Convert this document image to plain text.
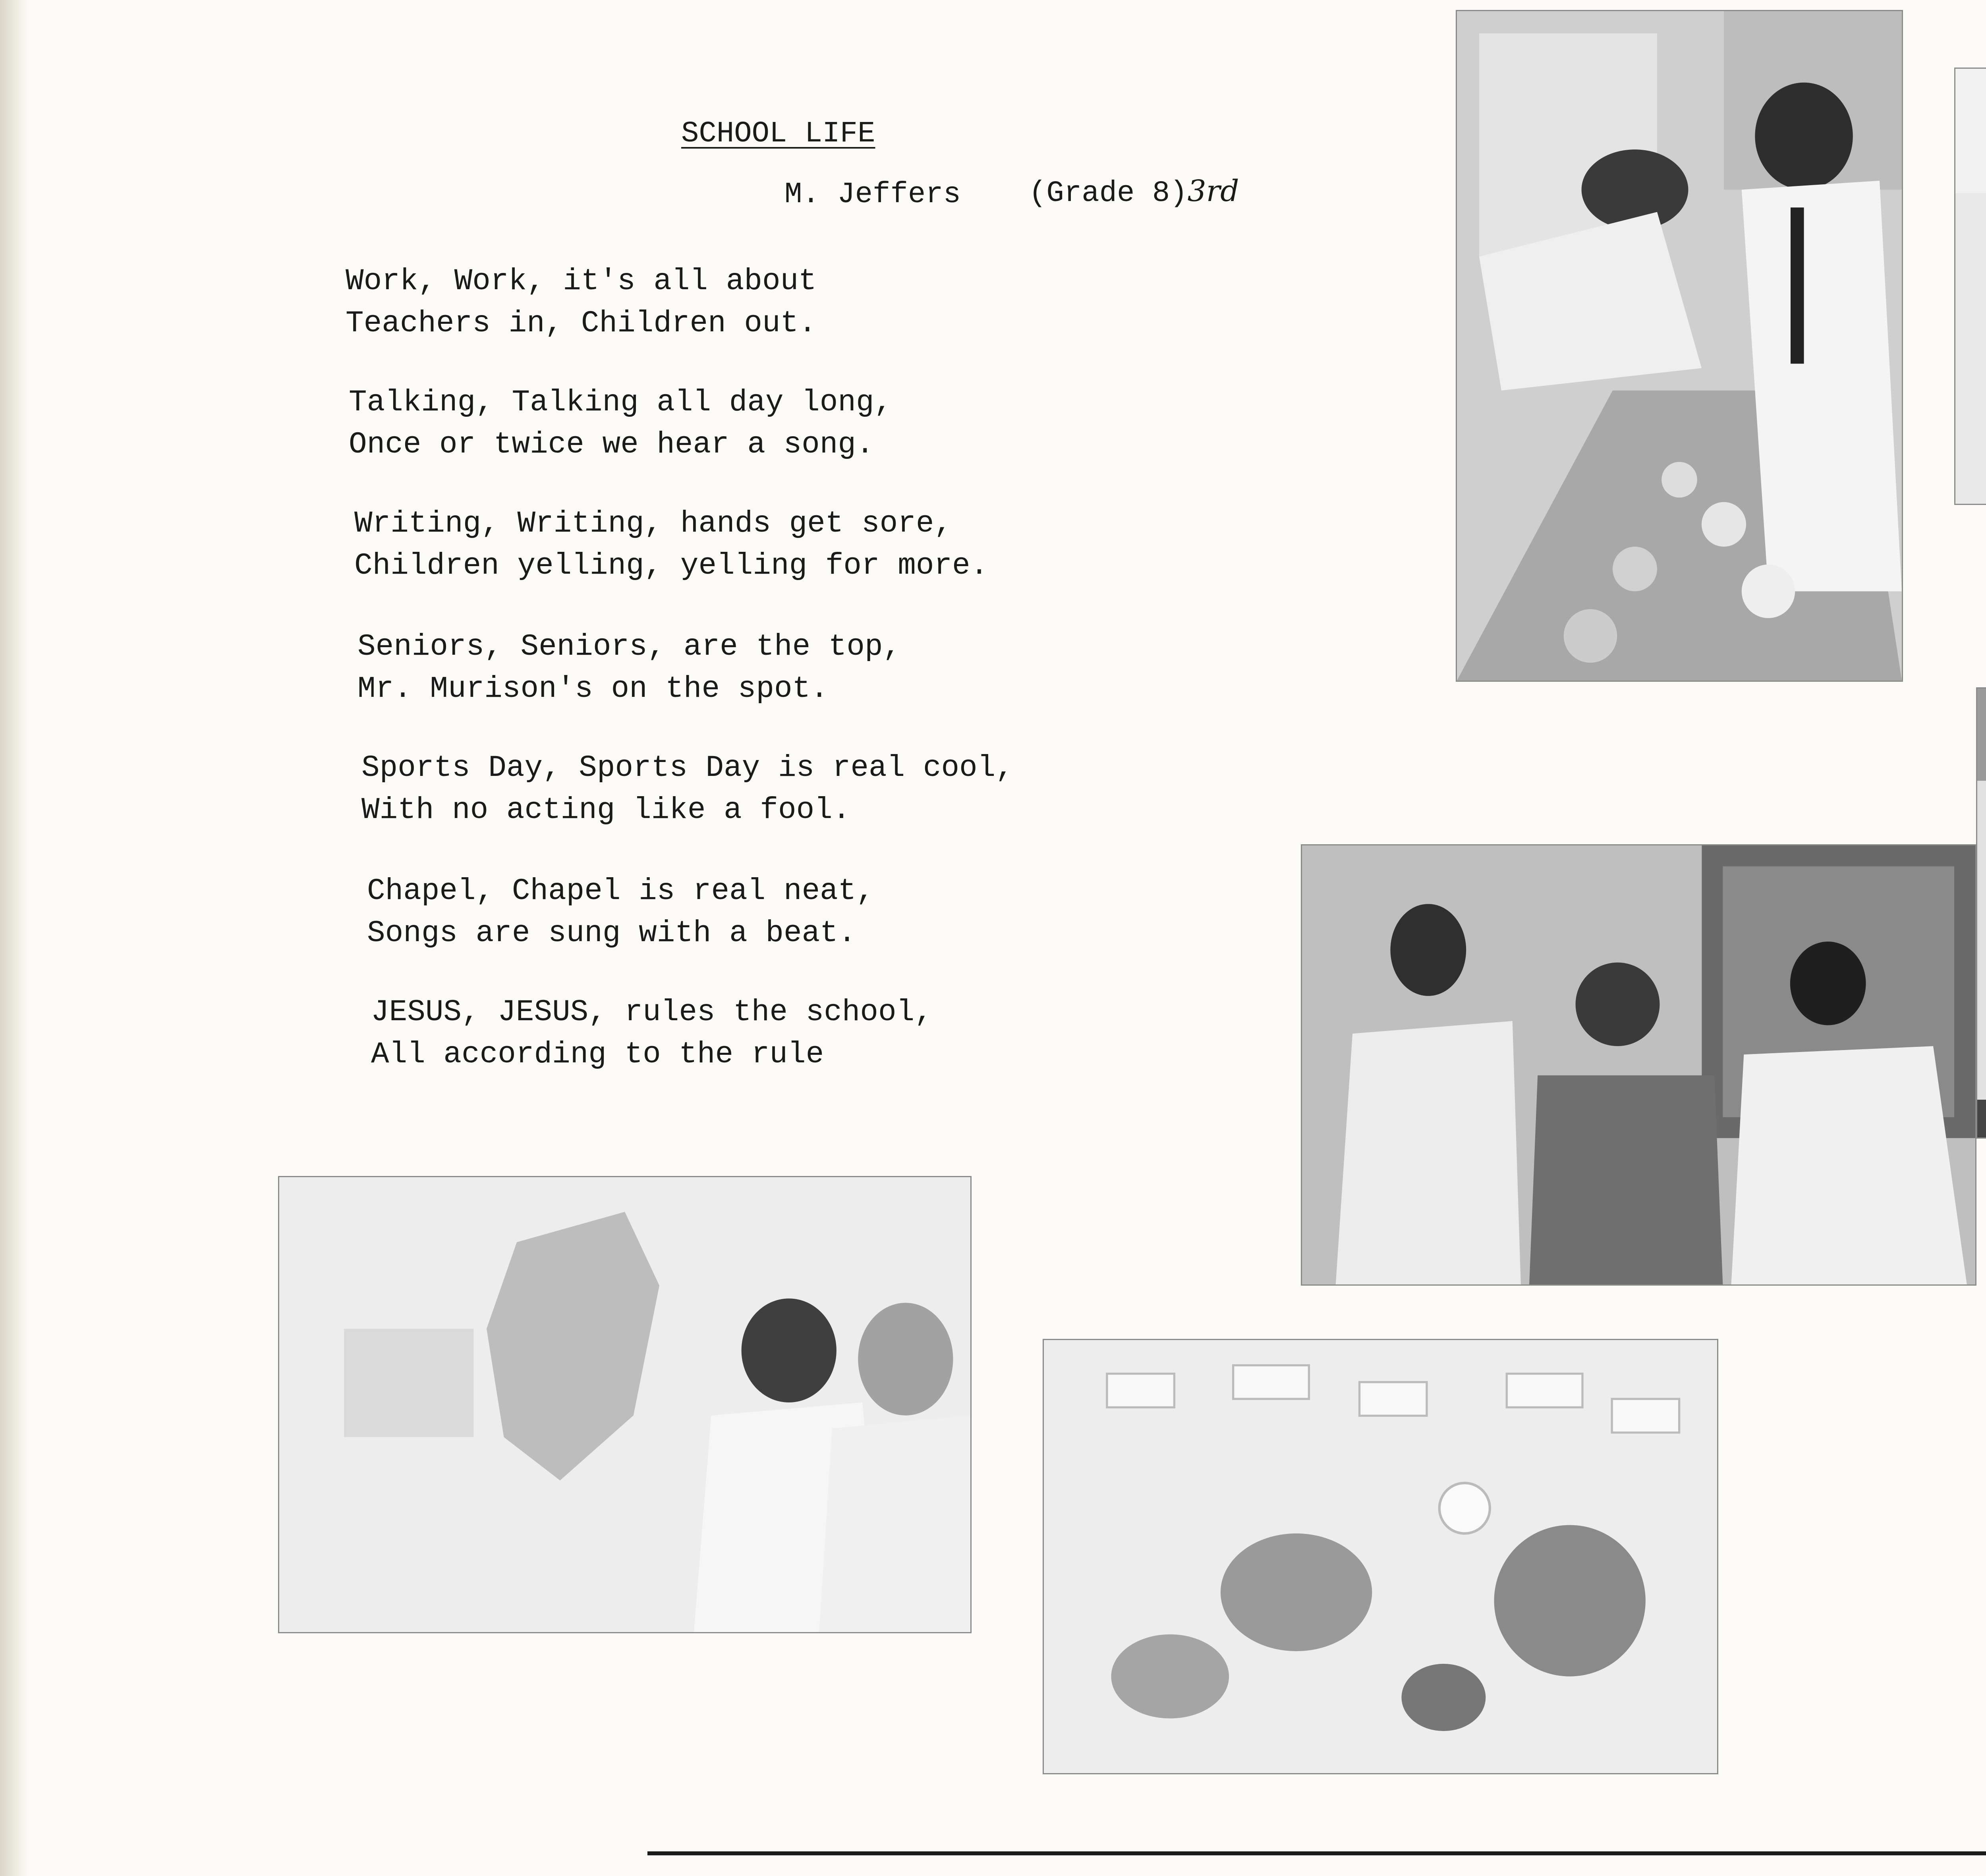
SCHOOL LIFE
M. Jeffers (Grade 8)3rd
Work, Work, it's all about
Teachers in, Children out.
Talking, Talking all day long,
Once or twice we hear a song.
Writing, Writing, hands get sore,
Children yelling, yelling for more.
Seniors, Seniors, are the top,
Mr. Murison's on the spot.
Sports Day, Sports Day is real cool,
With no acting like a fool.
Chapel, Chapel is real neat,
Songs are sung with a beat.
JESUS, JESUS, rules the school,
All according to the rule
